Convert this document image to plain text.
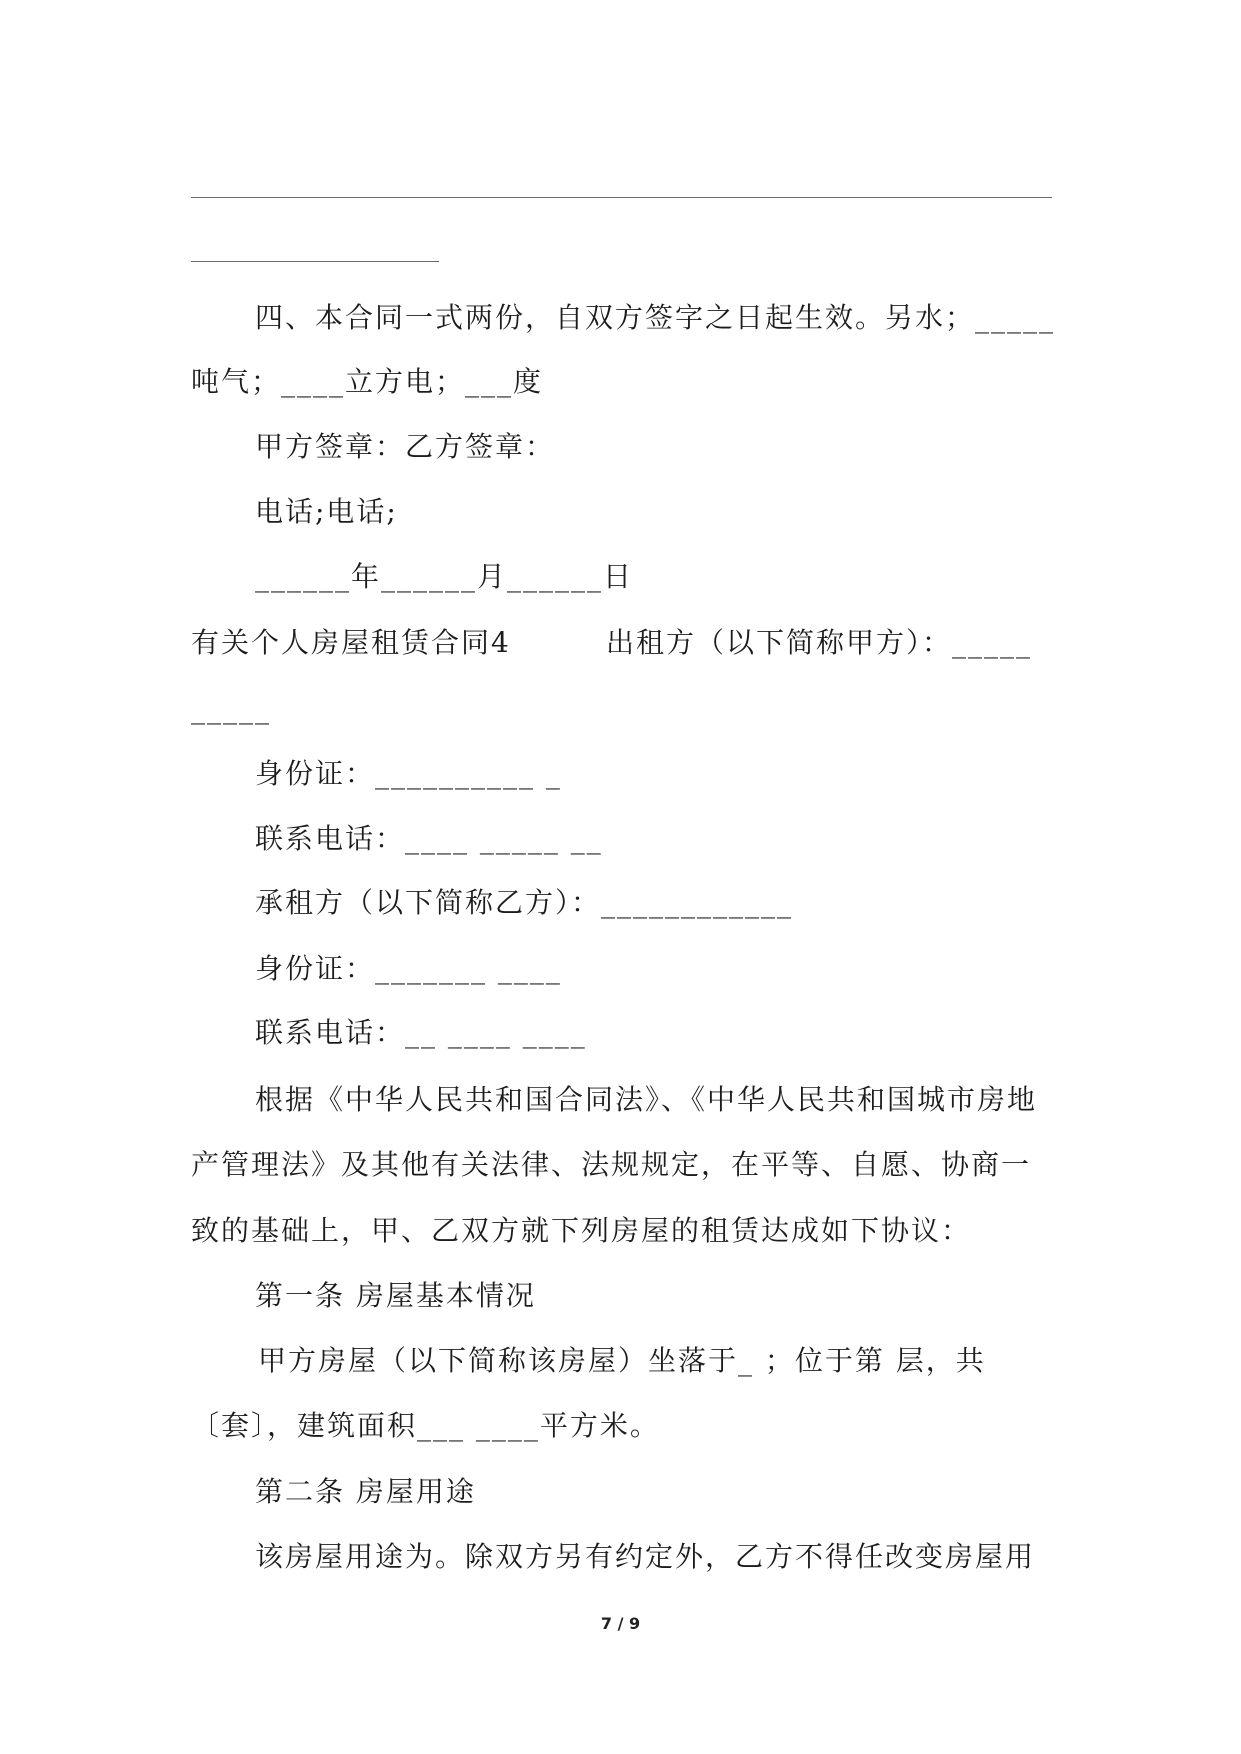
四、本合同一式两份，自双方签字之日起生效。另水；_____
吨气；____立方电；___度
甲方签章：乙方签章：
电话;电话;
______年______月______日
有关个人房屋租赁合同4	出租方（以下简称甲方）：_____
_____
身份证：__________ _
联系电话：____ _____ __
承租方（以下简称乙方）：____________
身份证：_______ ____
联系电话：__ ____ ____
根据《中华人民共和国合同法》、《中华人民共和国城市房地
产管理法》及其他有关法律、法规规定，在平等、自愿、协商一
致的基础上，甲、乙双方就下列房屋的租赁达成如下协议：
第一条 房屋基本情况
甲方房屋（以下简称该房屋）坐落于_ ；位于第 层，共
〔套〕，建筑面积___ ____平方米。
第二条 房屋用途
该房屋用途为。除双方另有约定外，乙方不得任改变房屋用
7 / 9
